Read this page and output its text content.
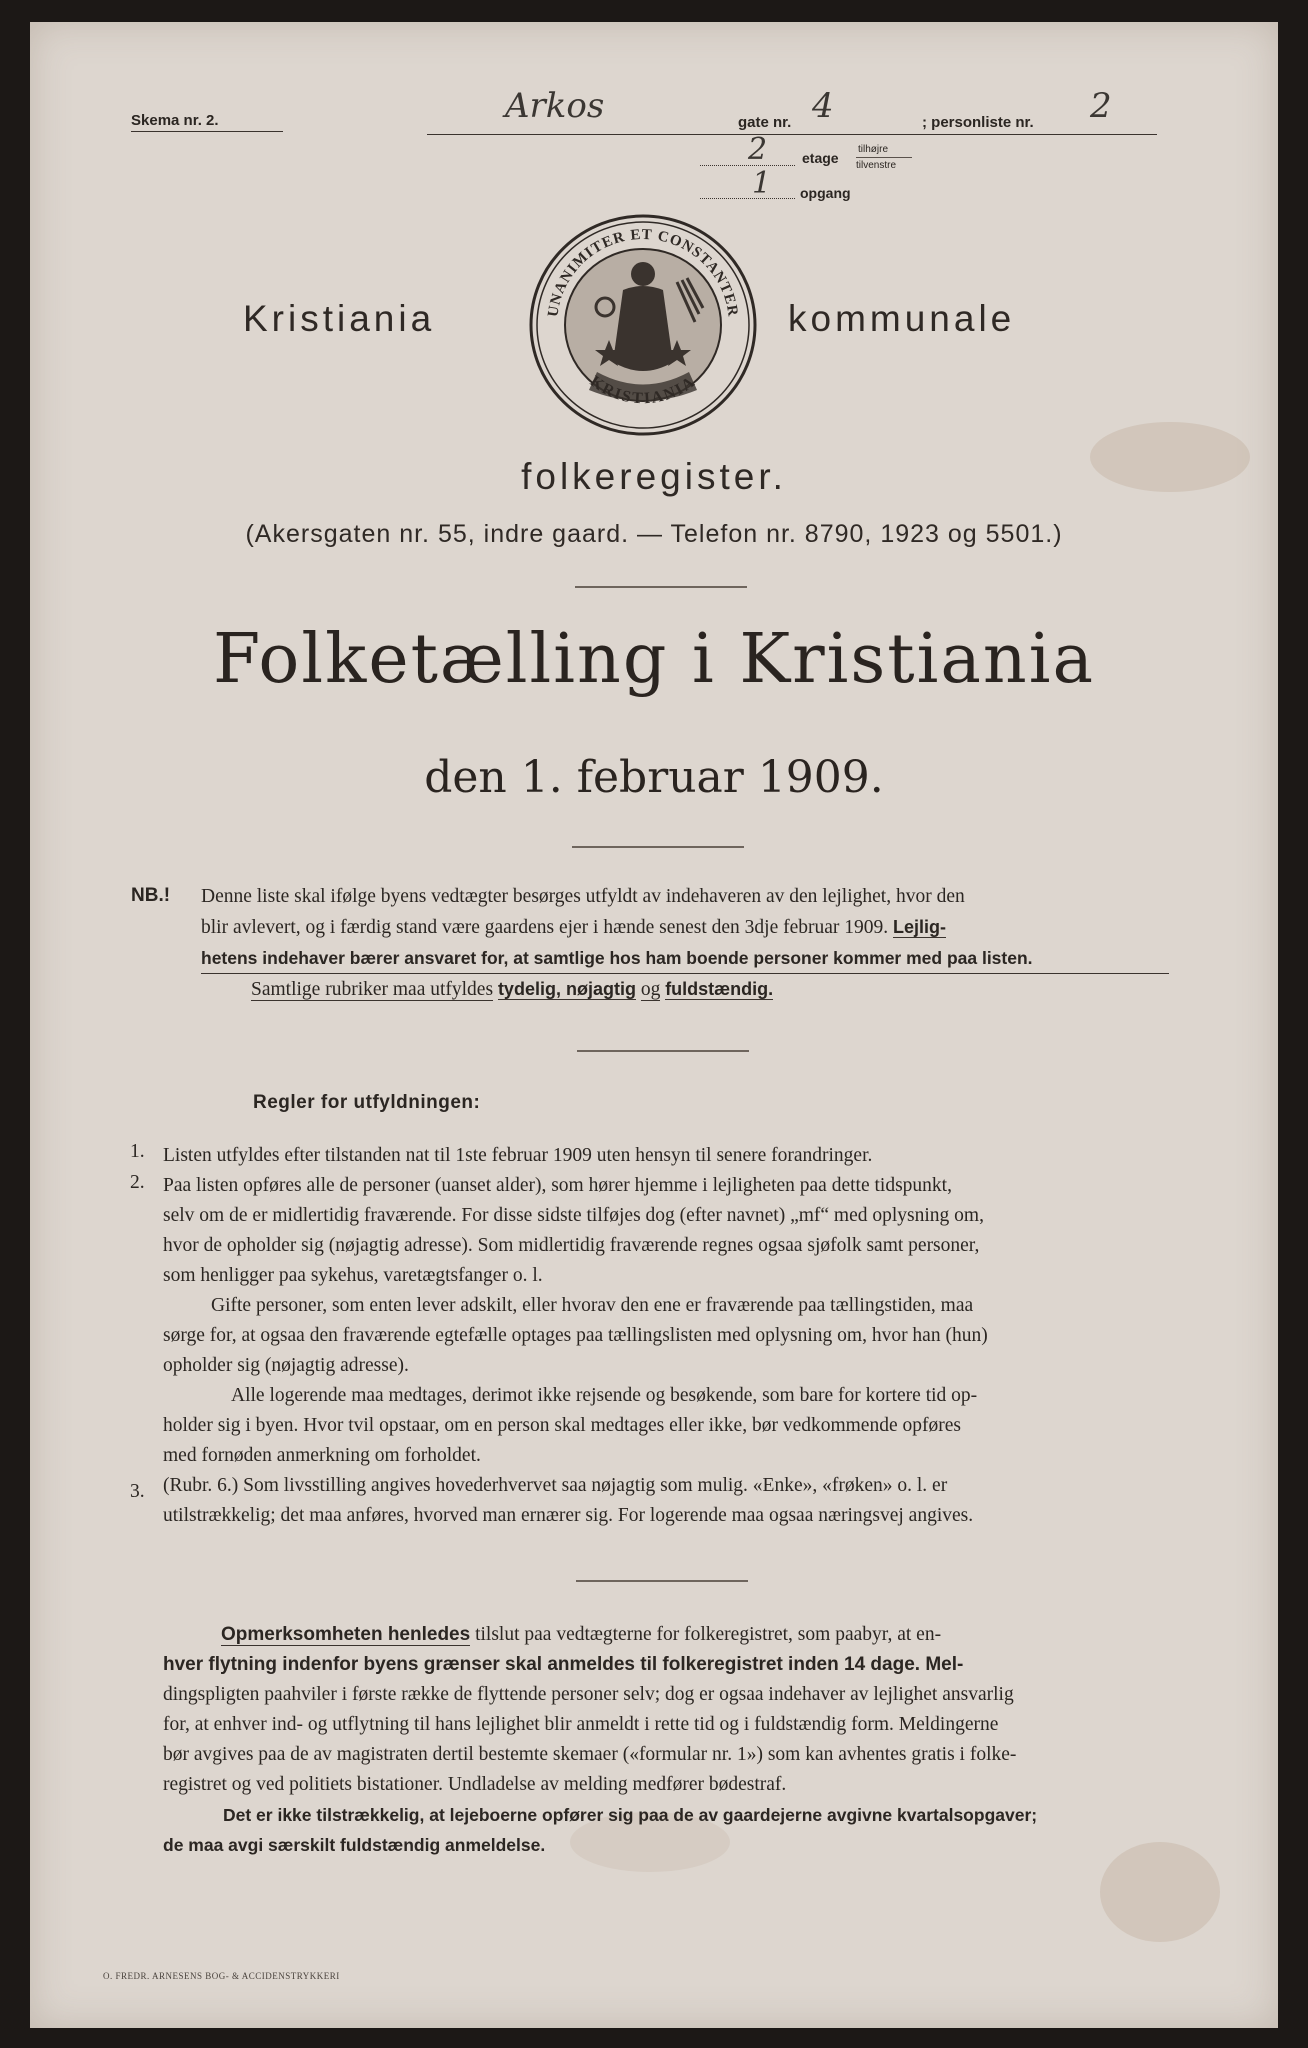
Skema nr. 2.	Arkos	gate nr. 4	; personliste nr. 2
2 etage
tilhøjre
tilvenstre
1 opgang
Kristiania	kommunale
UNANIMITER ET CONSTANTER
KRISTIANIA
folkeregister.
(Akersgaten nr. 55, indre gaard. — Telefon nr. 8790, 1923 og 5501.)
Folketælling i Kristiania
den 1. februar 1909.
NB.! Denne liste skal ifølge byens vedtægter besørges utfyldt av indehaveren av den lejlighet, hvor den
blir avlevert, og i færdig stand være gaardens ejer i hænde senest den 3dje februar 1909. Lejlig-
hetens indehaver bærer ansvaret for, at samtlige hos ham boende personer kommer med paa listen.
Samtlige rubriker maa utfyldes tydelig, nøjagtig og fuldstændig.
Regler for utfyldningen:
1.
2.
3.
Listen utfyldes efter tilstanden nat til 1ste februar 1909 uten hensyn til senere forandringer.
Paa listen opføres alle de personer (uanset alder), som hører hjemme i lejligheten paa dette tidspunkt,
selv om de er midlertidig fraværende. For disse sidste tilføjes dog (efter navnet) „mf“ med oplysning om,
hvor de opholder sig (nøjagtig adresse). Som midlertidig fraværende regnes ogsaa sjøfolk samt personer,
som henligger paa sykehus, varetægtsfanger o. l.
Gifte personer, som enten lever adskilt, eller hvorav den ene er fraværende paa tællingstiden, maa
sørge for, at ogsaa den fraværende egtefælle optages paa tællingslisten med oplysning om, hvor han (hun)
opholder sig (nøjagtig adresse).
Alle logerende maa medtages, derimot ikke rejsende og besøkende, som bare for kortere tid op-
holder sig i byen. Hvor tvil opstaar, om en person skal medtages eller ikke, bør vedkommende opføres
med fornøden anmerkning om forholdet.
(Rubr. 6.) Som livsstilling angives hovederhvervet saa nøjagtig som mulig. «Enke», «frøken» o. l. er
utilstrækkelig; det maa anføres, hvorved man ernærer sig. For logerende maa ogsaa næringsvej angives.
Opmerksomheten henledes tilslut paa vedtægterne for folkeregistret, som paabyr, at en-
hver flytning indenfor byens grænser skal anmeldes til folkeregistret inden 14 dage. Mel-
dingspligten paahviler i første række de flyttende personer selv; dog er ogsaa indehaver av lejlighet ansvarlig
for, at enhver ind- og utflytning til hans lejlighet blir anmeldt i rette tid og i fuldstændig form. Meldingerne
bør avgives paa de av magistraten dertil bestemte skemaer («formular nr. 1») som kan avhentes gratis i folke-
registret og ved politiets bistationer. Undladelse av melding medfører bødestraf.
Det er ikke tilstrækkelig, at lejeboerne opfører sig paa de av gaardejerne avgivne kvartalsopgaver;
de maa avgi særskilt fuldstændig anmeldelse.
O. FREDR. ARNESENS BOG- & ACCIDENSTRYKKERI
